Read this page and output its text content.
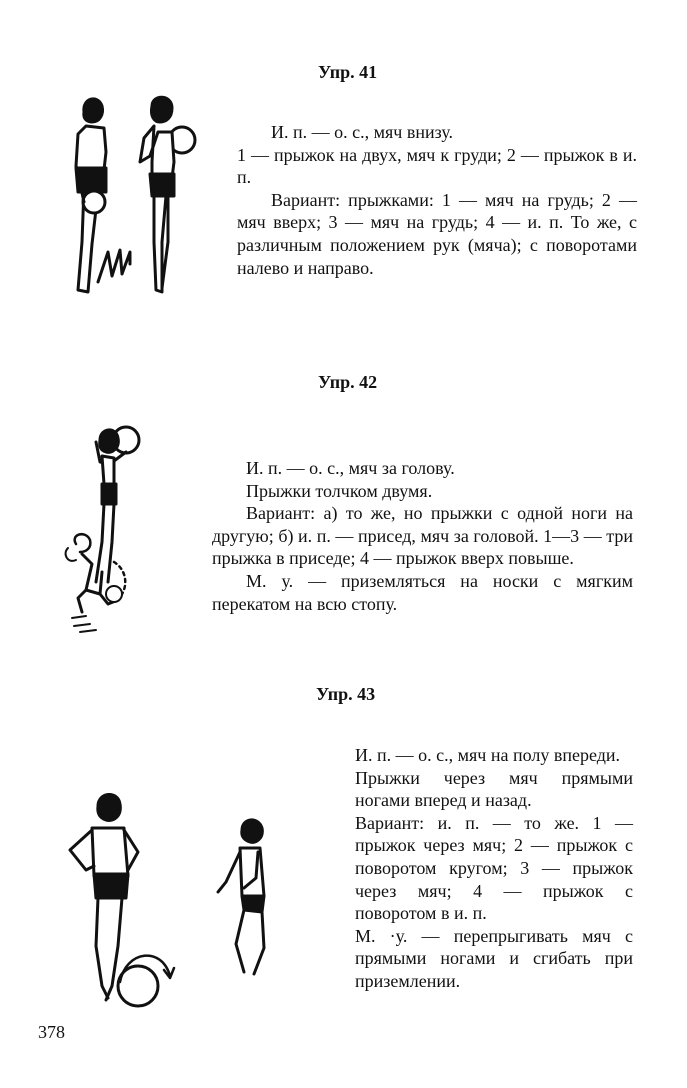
Упр. 41

И. п. — о. с., мяч внизу.

1 — прыжок на двух, мяч к груди; 2 — прыжок в и. п.

Вариант: прыжками: 1 — мяч на грудь; 2 — мяч вверх; 3 — мяч на грудь; 4 — и. п. То же, с различным положением рук (мяча); с поворотами налево и направо.

Упр. 42

И. п. — о. с., мяч за голову.

Прыжки толчком двумя.

Вариант: а) то же, но прыжки с одной ноги на другую; б) и. п. — присед, мяч за головой. 1—3 — три прыжка в приседе; 4 — прыжок вверх повыше.

М. у. — приземляться на носки с мягким перекатом на всю стопу.

Упр. 43

И. п. — о. с., мяч на полу впереди.

Прыжки через мяч прямыми ногами вперед и назад.

Вариант: и. п. — то же. 1 — прыжок через мяч; 2 — прыжок с поворотом кругом; 3 — прыжок через мяч; 4 — прыжок с поворотом в и. п.

М. ·у. — перепрыгивать мяч с прямыми ногами и сгибать при приземлении.

378
